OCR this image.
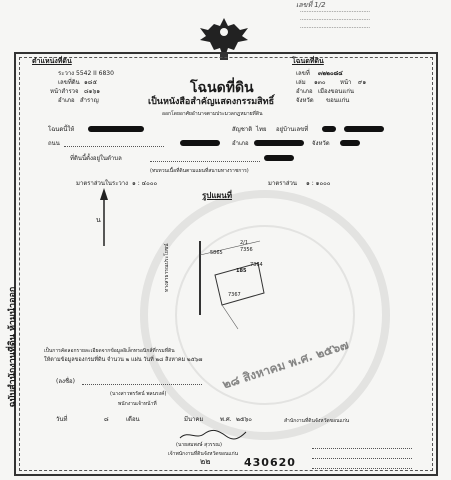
เลขที่ 1/2
……………………………………
……………………………………
……………………………………
ตำแหน่งที่ดิน
ระวาง 5542 II 6830
เลขที่ดิน ๑๘๕
หน้าสำรวจ ๘๑๖๑
อำเภอ สำราญ
โฉนดที่ดิน
เลขที่ ๓๒๒๐๘๔
เล่ม ๑๓๐ หน้า ๙๑
อำเภอ เมืองขอนแก่น
จังหวัด ขอนแก่น
โฉนดที่ดิน
เป็นหนังสือสำคัญแสดงกรรมสิทธิ์
ออกโดยอาศัยอำนาจตามประมวลกฎหมายที่ดิน
โฉนดนี้ให้	สัญชาติ ไทย อยู่บ้านเลขที่
ถนน	อำเภอ	จังหวัด
ที่ดินนี้ตั้งอยู่ในตำบล
(ทบทวนเนื้อที่ดินตามแผนที่สนามทางราชการ)
มาตราส่วนในระวาง ๑ : ๔๐๐๐	มาตราส่วน ๑ : ๑๐๐๐
รูปแผนที่
น
2/1
7356
5865
7364
185
7367
ทางสาธารณประโยชน์
เป็นการคัดลอกรายละเอียดจากข้อมูลอิเล็กทรอนิกส์ที่กรมที่ดิน
ให้ตามข้อมูลของกรมที่ดิน จำนวน ๒ แผ่น วันที่ ๒๘ สิงหาคม ๒๕๖๗
(ลงชื่อ)
(นางสาวพรรัตน์ พลนรงค์)
พนักงานเจ้าหน้าที่
วันที่	๘	เดือน	มีนาคม	พ.ศ. ๒๕๖๐	สำนักงานที่ดินจังหวัดขอนแก่น
(นายสมพงษ์ สุวรรณ)
เจ้าพนักงานที่ดินจังหวัดขอนแก่น
๒๘ สิงหาคม พ.ศ. ๒๕๖๗
ฉบับสำนักงานที่ดิน ห้ามนำออก
๒๒	430620
